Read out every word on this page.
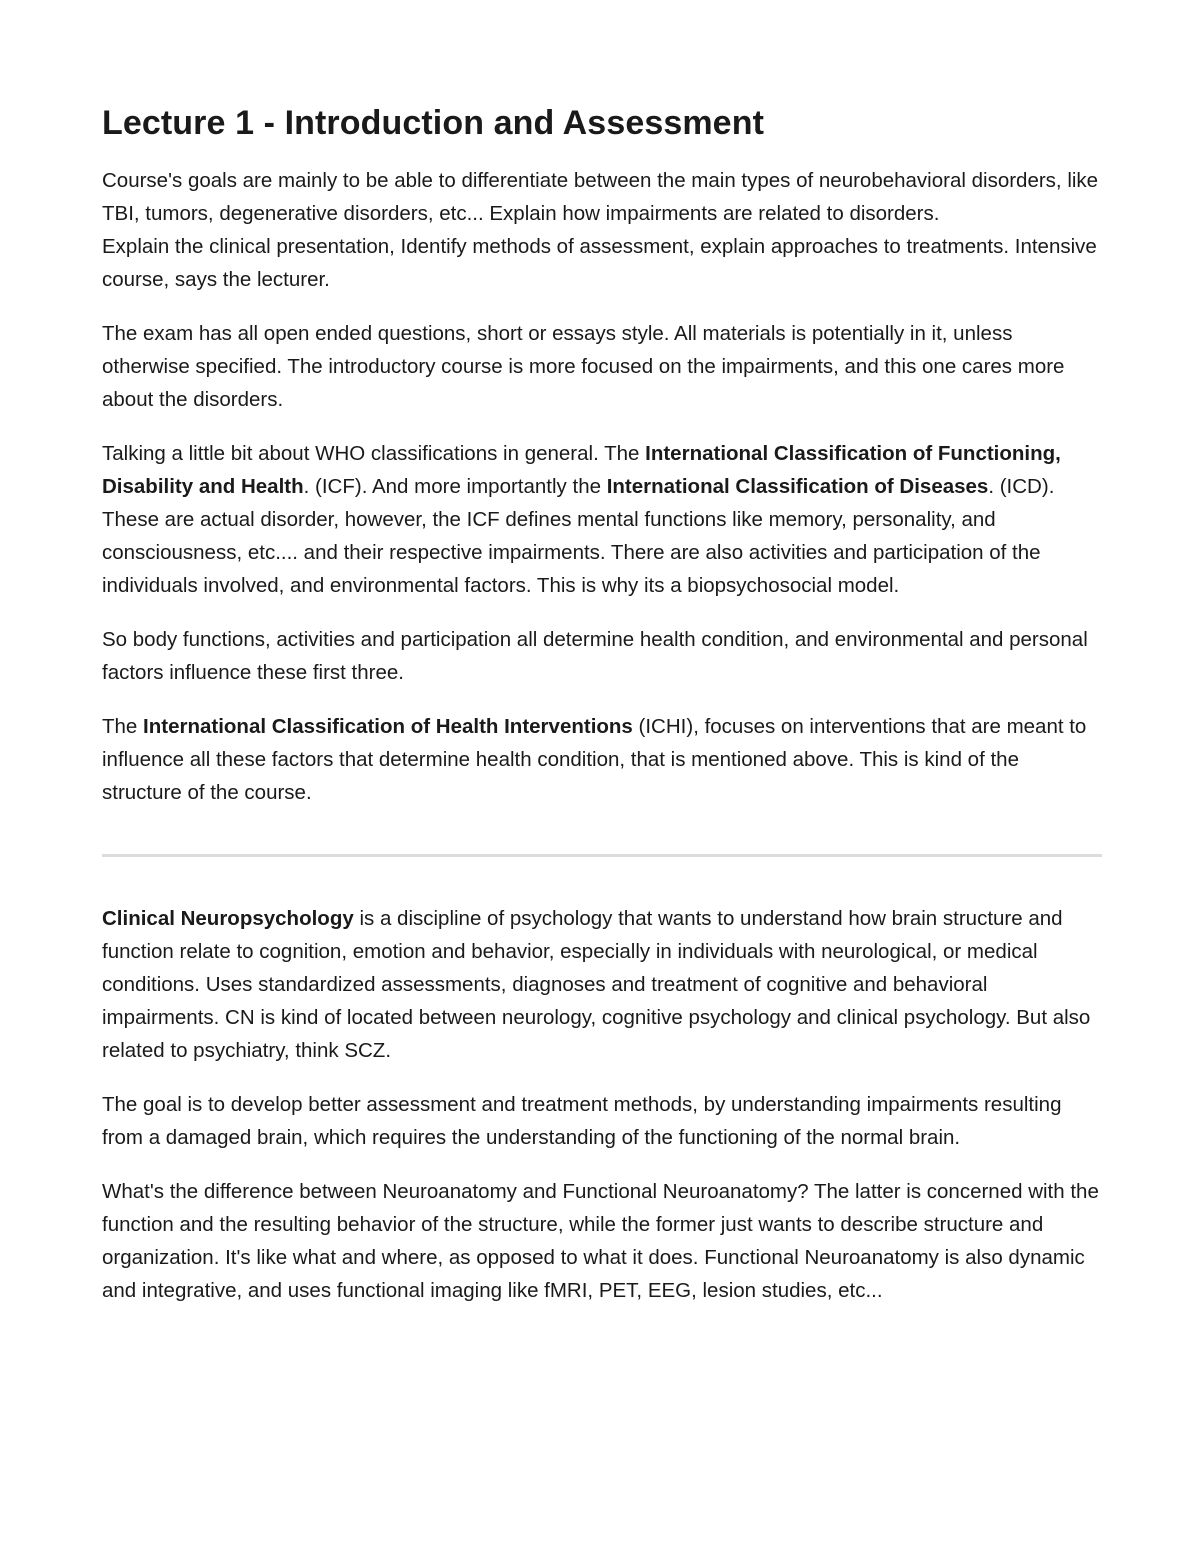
Lecture 1 - Introduction and Assessment

Course's goals are mainly to be able to differentiate between the main types of neurobehavioral disorders, like TBI, tumors, degenerative disorders, etc... Explain how impairments are related to disorders.

Explain the clinical presentation, Identify methods of assessment, explain approaches to treatments. Intensive course, says the lecturer.

The exam has all open ended questions, short or essays style. All materials is potentially in it, unless otherwise specified. The introductory course is more focused on the impairments, and this one cares more about the disorders.

Talking a little bit about WHO classifications in general. The International Classification of Functioning, Disability and Health. (ICF). And more importantly the International Classification of Diseases. (ICD). These are actual disorder, however, the ICF defines mental functions like memory, personality, and consciousness, etc.... and their respective impairments. There are also activities and participation of the individuals involved, and environmental factors. This is why its a biopsychosocial model.

So body functions, activities and participation all determine health condition, and environmental and personal factors influence these first three.

The International Classification of Health Interventions (ICHI), focuses on interventions that are meant to influence all these factors that determine health condition, that is mentioned above. This is kind of the structure of the course.

Clinical Neuropsychology is a discipline of psychology that wants to understand how brain structure and function relate to cognition, emotion and behavior, especially in individuals with neurological, or medical conditions. Uses standardized assessments, diagnoses and treatment of cognitive and behavioral impairments. CN is kind of located between neurology, cognitive psychology and clinical psychology. But also related to psychiatry, think SCZ.

The goal is to develop better assessment and treatment methods, by understanding impairments resulting from a damaged brain, which requires the understanding of the functioning of the normal brain.

What's the difference between Neuroanatomy and Functional Neuroanatomy? The latter is concerned with the function and the resulting behavior of the structure, while the former just wants to describe structure and organization. It's like what and where, as opposed to what it does. Functional Neuroanatomy is also dynamic and integrative, and uses functional imaging like fMRI, PET, EEG, lesion studies, etc...
